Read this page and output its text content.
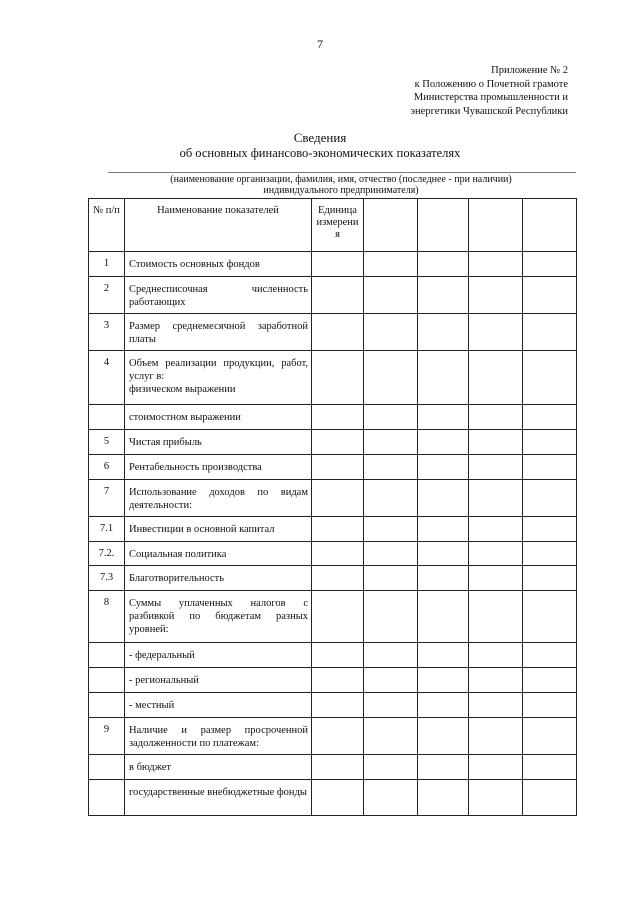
7
Приложение № 2
к Положению о Почетной грамоте
Министерства промышленности и
энергетики Чувашской Республики
Сведения
об основных финансово-экономических показателях
(наименование организации, фамилия, имя, отчество (последнее - при наличии)
индивидуального предпринимателя)
№ п/п	Наименование показателей	Единица измерения				
1	Стоимость основных фондов					

2	Среднесписочная численность работающих					

3	Размер среднемесячной заработной платы					

4	Объем реализации продукции, работ, услуг в:
физическом выражении					

	стоимостном выражении					

5	Чистая прибыль					

6	Рентабельность производства					

7	Использование доходов по видам деятельности:					

7.1	Инвестиции в основной капитал					

7.2.	Социальная политика					

7.3	Благотворительность					

8	Суммы уплаченных налогов с разбивкой по бюджетам разных уровней:					

	- федеральный					

	- региональный					

	- местный					

9	Наличие и размер просроченной задолженности по платежам:					

	в бюджет					

	государственные внебюджетные фонды					
